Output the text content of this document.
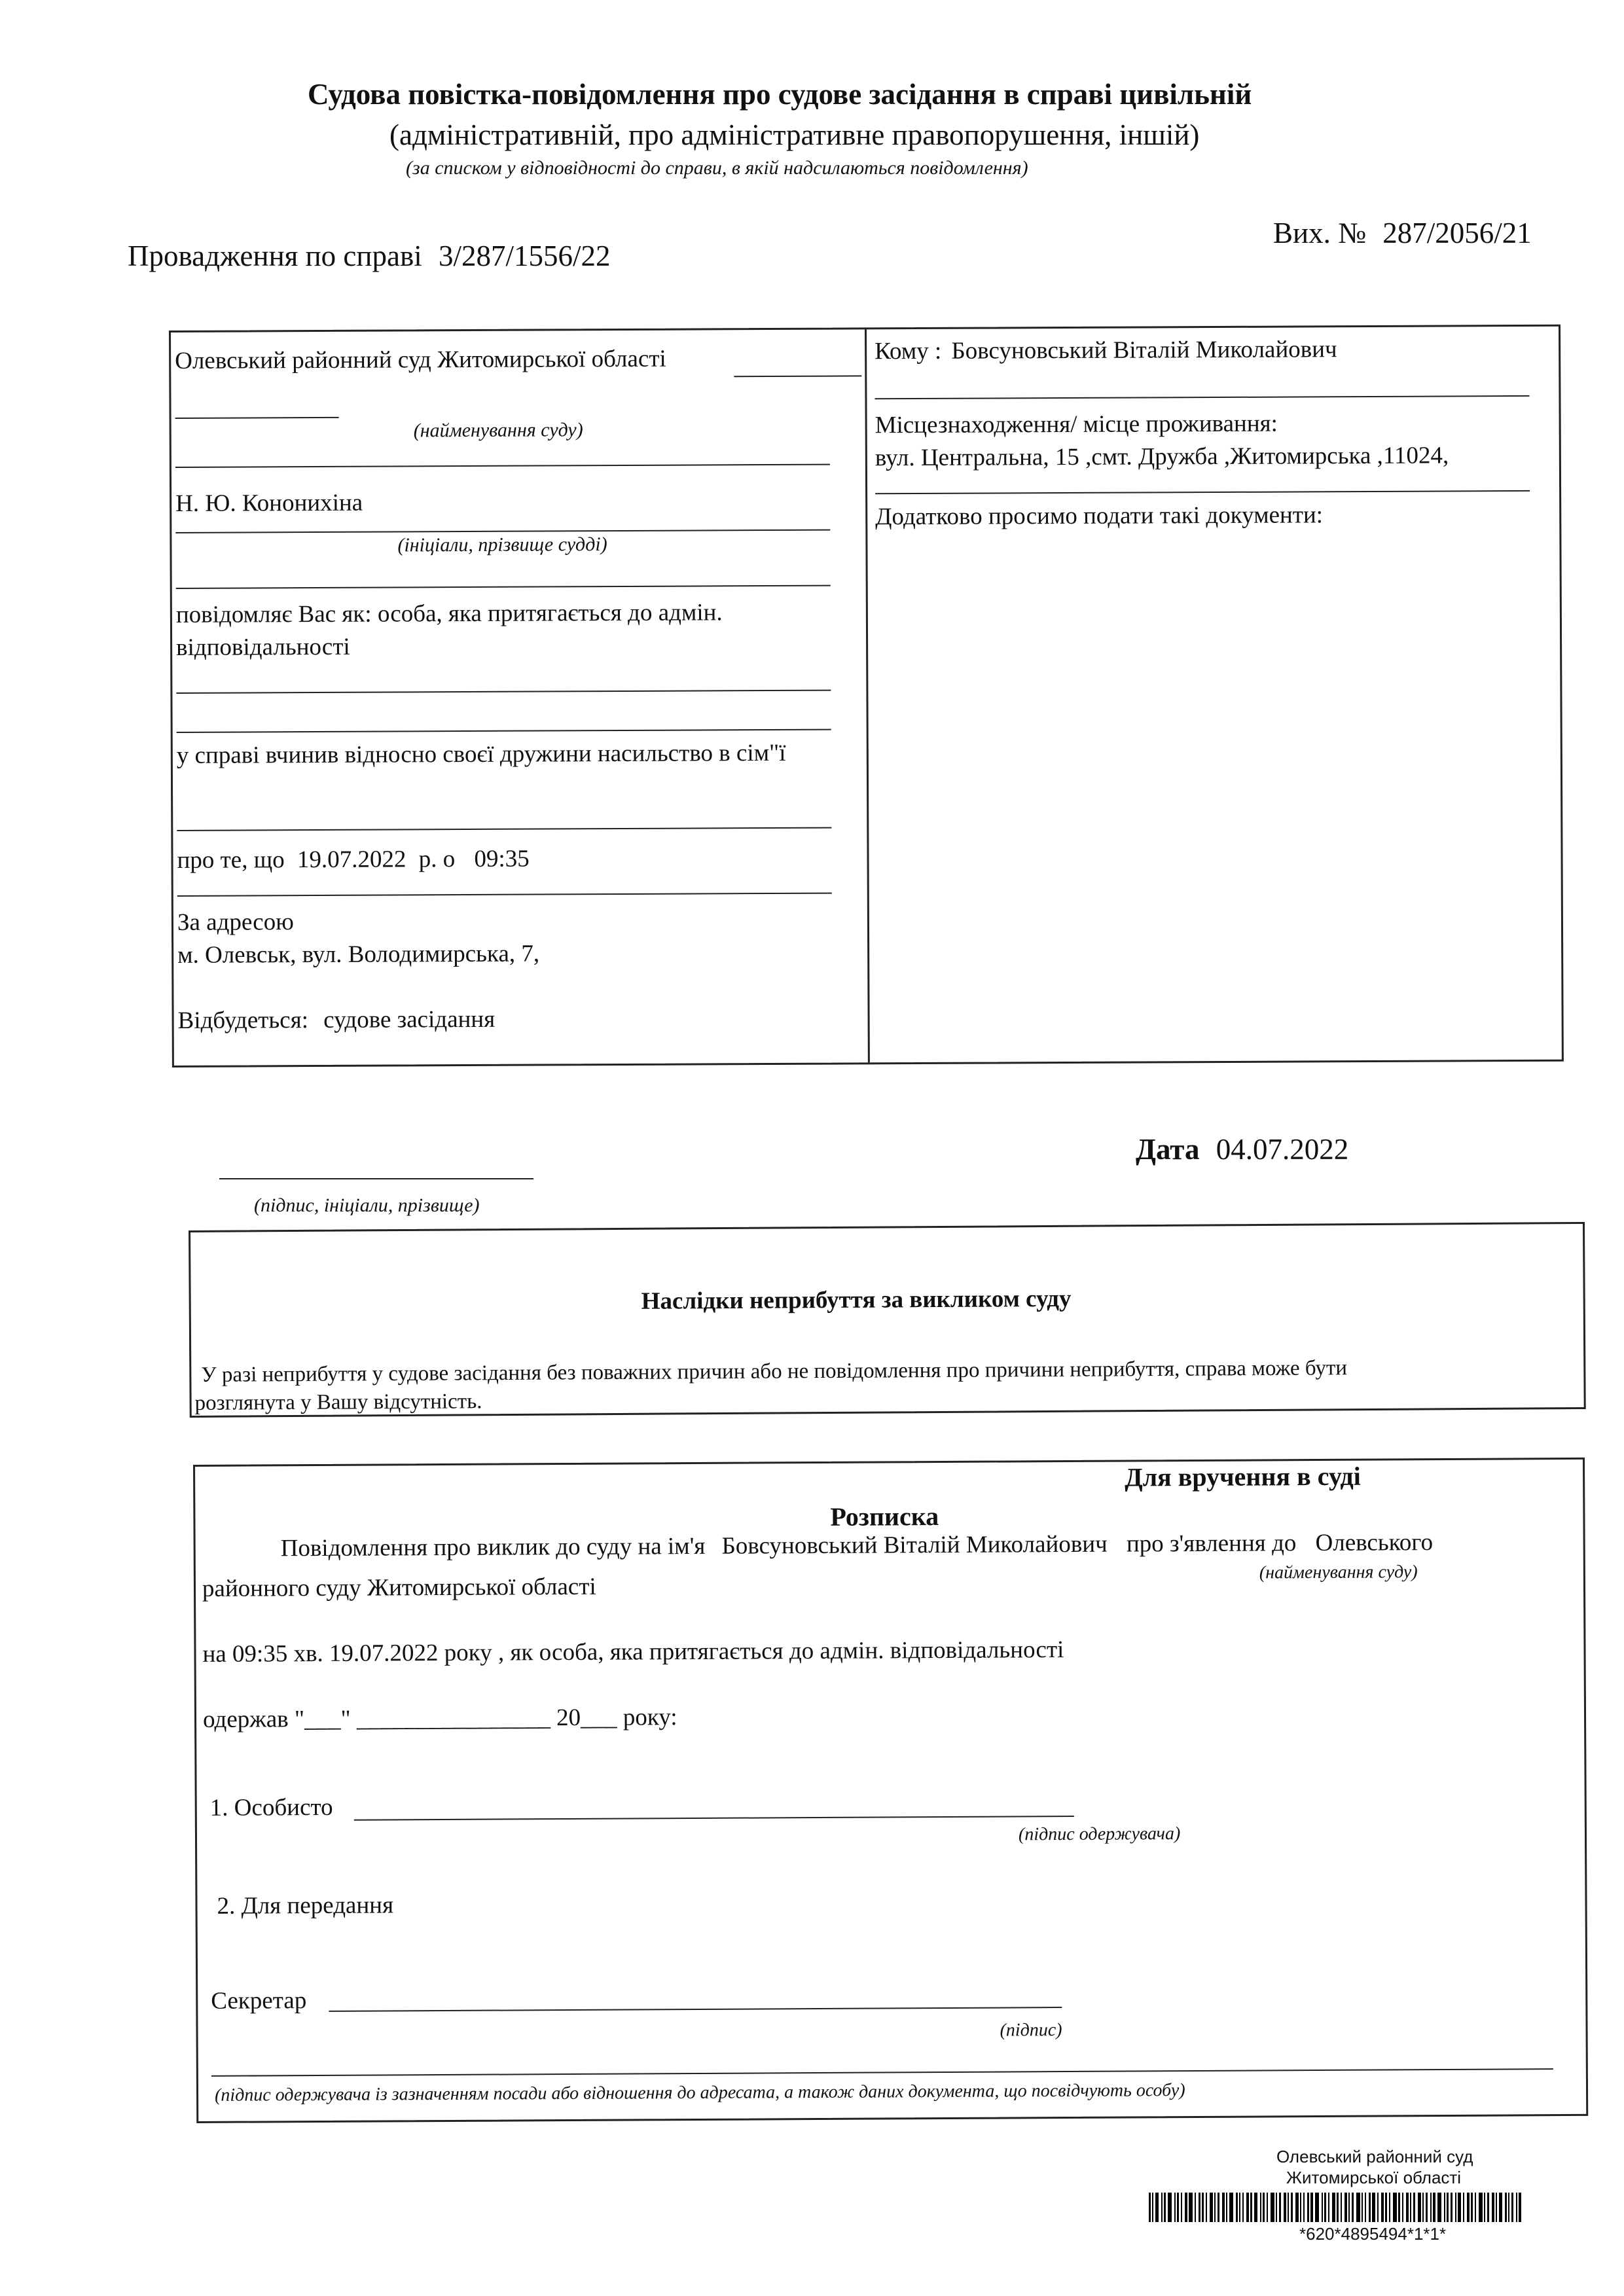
Судова повістка-повідомлення про судове засідання в справі цивільній
(адміністративній, про адміністративне правопорушення, іншій)
(за списком у відповідності до справи, в якій надсилаються повідомлення)
Провадження по справі 3/287/1556/22
Вих. № 287/2056/21
Олевський районний суд Житомирської області
(найменування суду)
Н. Ю. Кононихіна
(ініціали, прізвище судді)
повідомляє Вас як: особа, яка притягається до адмін.
відповідальності
у справі вчинив відносно своєї дружини насильство в сім"ї
про те, що 19.07.2022 р. о 09:35
За адресою
м. Олевськ, вул. Володимирська, 7,
Відбудеться: судове засідання
Кому : Бовсуновський Віталій Миколайович
Місцезнаходження/ місце проживання:
вул. Центральна, 15 ,смт. Дружба ,Житомирська ,11024,
Додатково просимо подати такі документи:
(підпис, ініціали, прізвище)
Дата 04.07.2022
Наслідки неприбуття за викликом суду
У разі неприбуття у судове засідання без поважних причин або не повідомлення про причини неприбуття, справа може бути
розглянута у Вашу відсутність.
Для вручення в суді
Розписка
Повідомлення про виклик до суду на ім'я Бовсуновський Віталій Миколайович про з'явлення до Олевського
(найменування суду)
районного суду Житомирської області
на 09:35 хв. 19.07.2022 року , як особа, яка притягається до адмін. відповідальності
одержав "___" ________________ 20___ року:
1. Особисто
(підпис одержувача)
2. Для передання
Секретар
(підпис)
(підпис одержувача із зазначенням посади або відношення до адресата, а також даних документа, що посвідчують особу)
Олевський районний суд
Житомирської області
*620*4895494*1*1*
